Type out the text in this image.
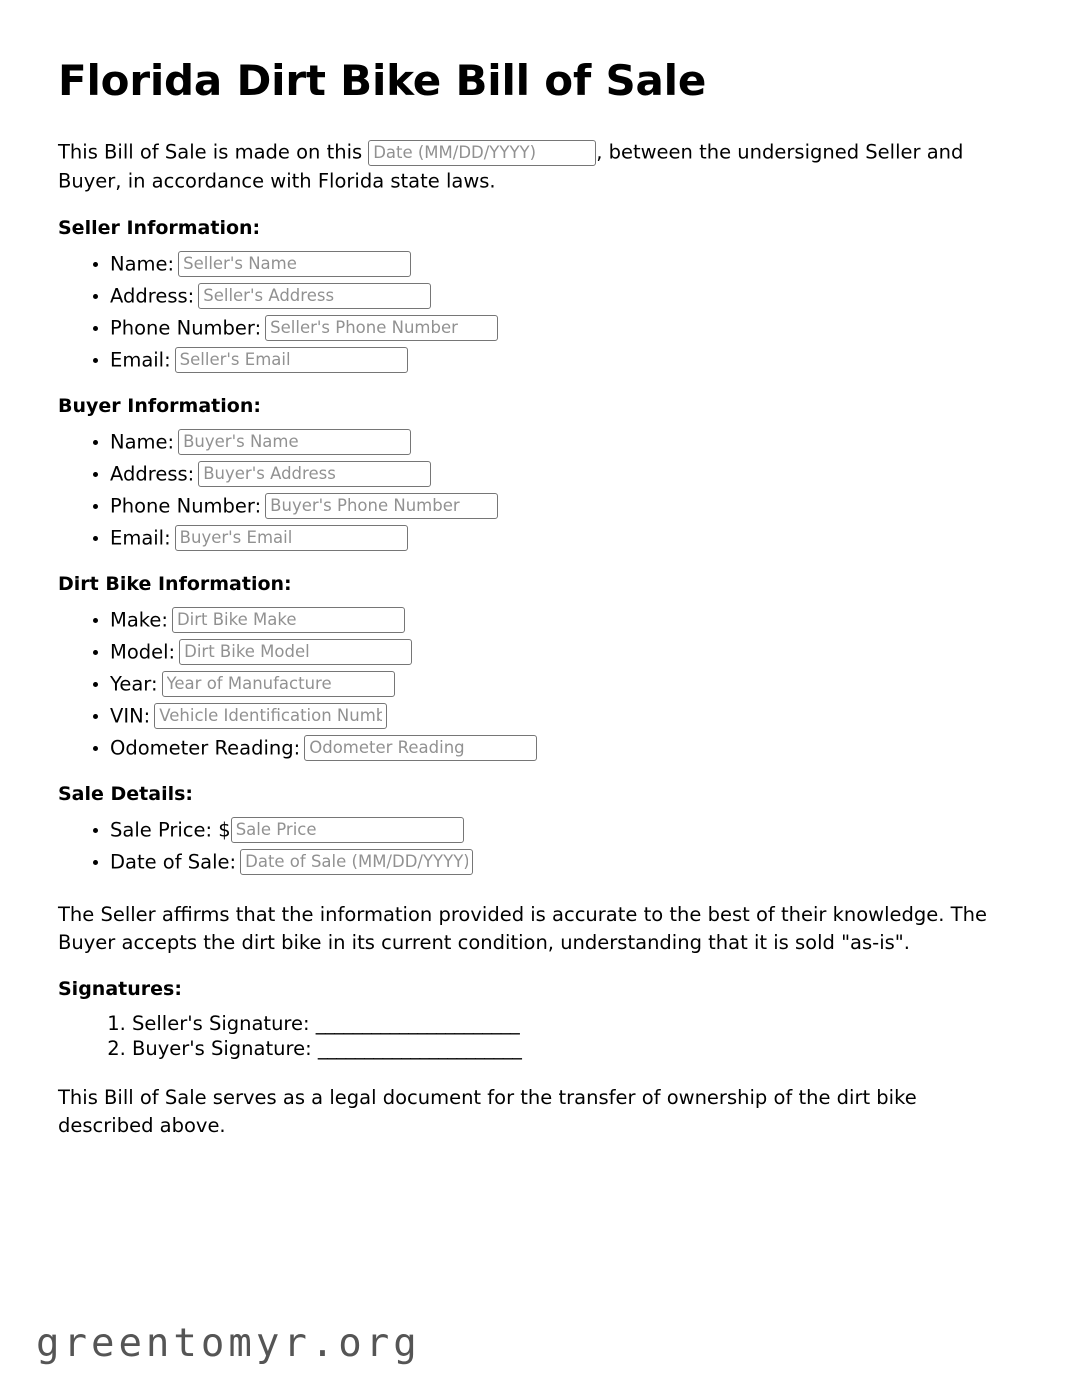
Florida Dirt Bike Bill of Sale

This Bill of Sale is made on thisDate (MM/DD/YYYY)	, between the undersigned Seller and Buyer, in accordance with Florida state laws.

Seller Information:
• Name:Seller's Name
• Address:Seller's Address
• Phone Number:Seller's Phone Number
• Email:Seller's Email
Buyer Information:
• Name:Buyer's Name
• Address:Buyer's Address
• Phone Number:Buyer's Phone Number
• Email:Buyer's Email
Dirt Bike Information:
• Make:Dirt Bike Make
• Model:Dirt Bike Model
• Year:Year of Manufacture
• VIN:Vehicle Identification Number
• Odometer Reading:Odometer Reading
Sale Details:
• Sale Price: $Sale Price
• Date of Sale:Date of Sale (MM/DD/YYYY)

The Seller affirms that the information provided is accurate to the best of their knowledge. The Buyer accepts the dirt bike in its current condition, understanding that it is sold "as-is".

Signatures:
1. Seller's Signature: ______________________
2. Buyer's Signature: ______________________

This Bill of Sale serves as a legal document for the transfer of ownership of the dirt bike described above.

greentomyr.org
